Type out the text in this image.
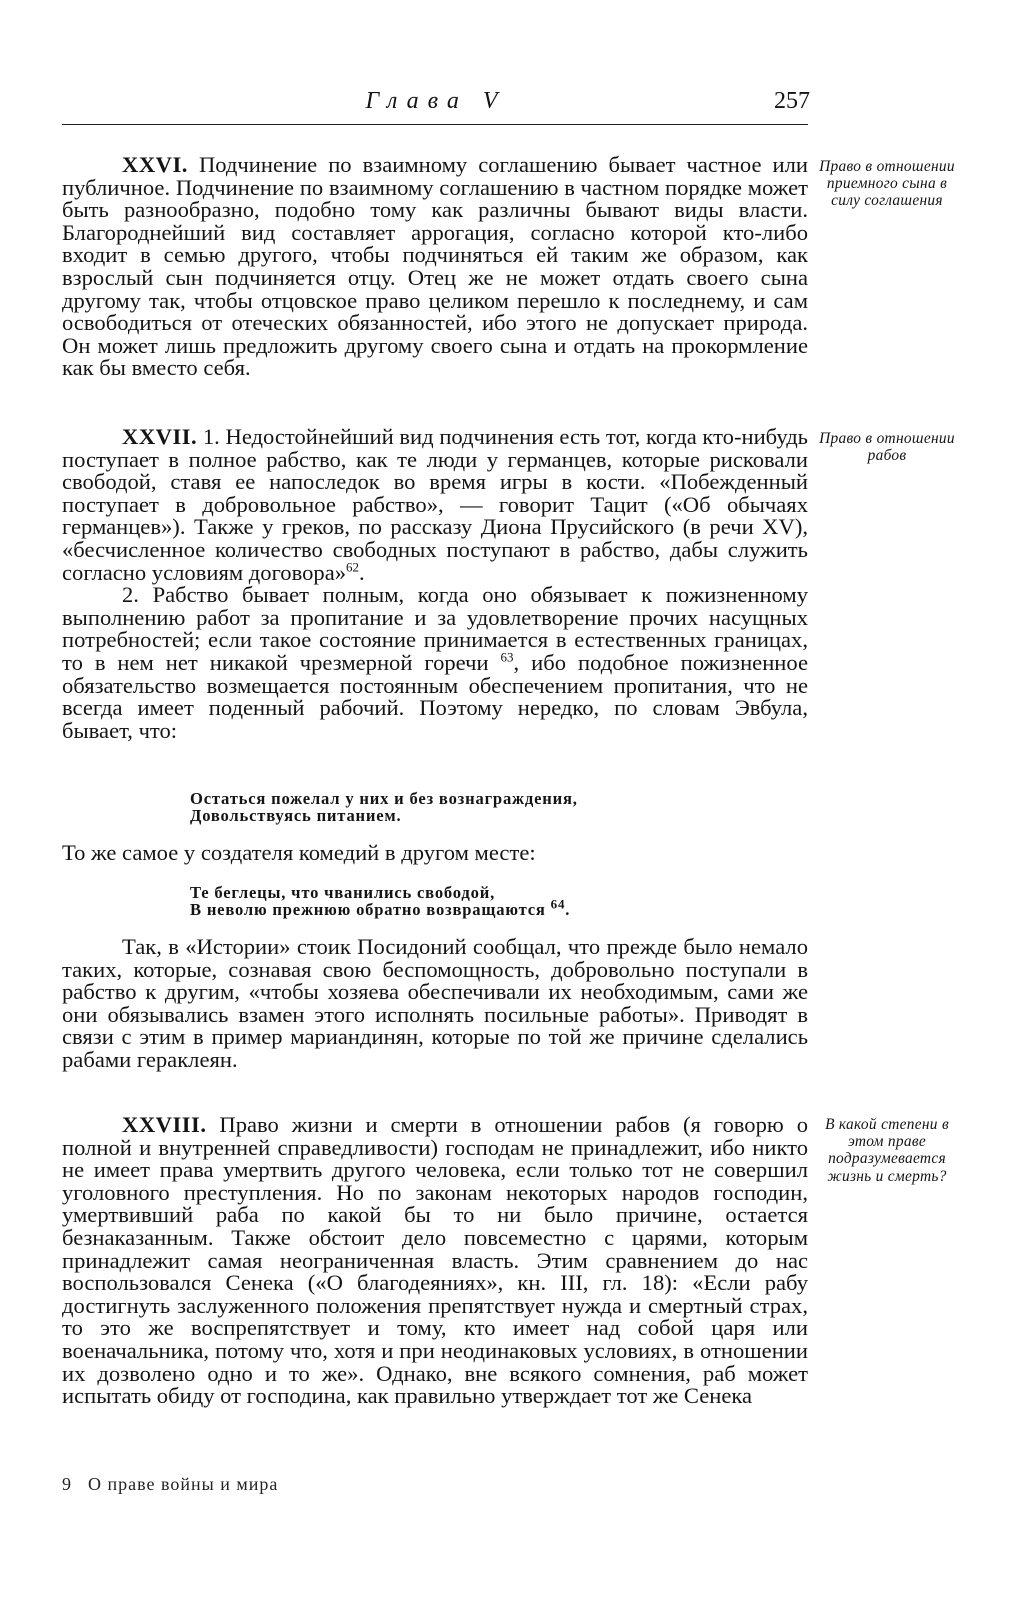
Глава V	257

XXVI. Подчинение по взаимному соглашению бывает частное или публичное. Подчинение по взаимному соглашению в частном порядке может быть разнообразно, подобно тому как различны бывают виды власти. Благороднейший вид составляет аррогация, согласно которой кто-либо входит в семью другого, чтобы подчиняться ей таким же образом, как взрослый сын подчиняется отцу. Отец же не может отдать своего сына другому так, чтобы отцовское право целиком перешло к последнему, и сам освободиться от отеческих обязанностей, ибо этого не допускает природа. Он может лишь предложить другому своего сына и отдать на прокормление как бы вместо себя.

XXVII. 1. Недостойнейший вид подчинения есть тот, когда кто-нибудь поступает в полное рабство, как те люди у германцев, которые рисковали свободой, ставя ее напоследок во время игры в кости. «Побежденный поступает в добровольное рабство», — говорит Тацит («Об обычаях германцев»). Также у греков, по рассказу Диона Прусийского (в речи XV), «бесчисленное количество свободных поступают в рабство, дабы служить согласно условиям договора»$^{62}$.

2. Рабство бывает полным, когда оно обязывает к пожизненному выполнению работ за пропитание и за удовлетворение прочих насущных потребностей; если такое состояние принимается в естественных границах, то в нем нет никакой чрезмерной горечи $^{63}$, ибо подобное пожизненное обязательство возмещается постоянным обеспечением пропитания, что не всегда имеет поденный рабочий. Поэтому нередко, по словам Эвбула, бывает, что:

Остаться пожелал у них и без вознаграждения,
Довольствуясь питанием.
То же самое у создателя комедий в другом месте:
Те беглецы, что чванились свободой,
В неволю прежнюю обратно возвращаются $^{64}$.

Так, в «Истории» стоик Посидоний сообщал, что прежде было немало таких, которые, сознавая свою беспомощность, добровольно поступали в рабство к другим, «чтобы хозяева обеспечивали их необходимым, сами же они обязывались взамен этого исполнять посильные работы». Приводят в связи с этим в пример мариандинян, которые по той же причине сделались рабами гераклеян.

XXVIII. Право жизни и смерти в отношении рабов (я говорю о полной и внутренней справедливости) господам не принадлежит, ибо никто не имеет права умертвить другого человека, если только тот не совершил уголовного преступления. Но по законам некоторых народов господин, умертвивший раба по какой бы то ни было причине, остается безнаказанным. Также обстоит дело повсеместно с царями, которым принадлежит самая неограниченная власть. Этим сравнением до нас воспользовался Сенека («О благодеяниях», кн. III, гл. 18): «Если рабу достигнуть заслуженного положения препятствует нужда и смертный страх, то это же воспрепятствует и тому, кто имеет над собой царя или военачальника, потому что, хотя и при неодинаковых условиях, в отношении их дозволено одно и то же». Однако, вне всякого сомнения, раб может испытать обиду от господина, как правильно утверждает тот же Сенека

Право в отношении приемного сына в силу соглашения
Право в отношении рабов
В какой степени в этом праве подразумевается жизнь и смерть?
9 О праве войны и мира
